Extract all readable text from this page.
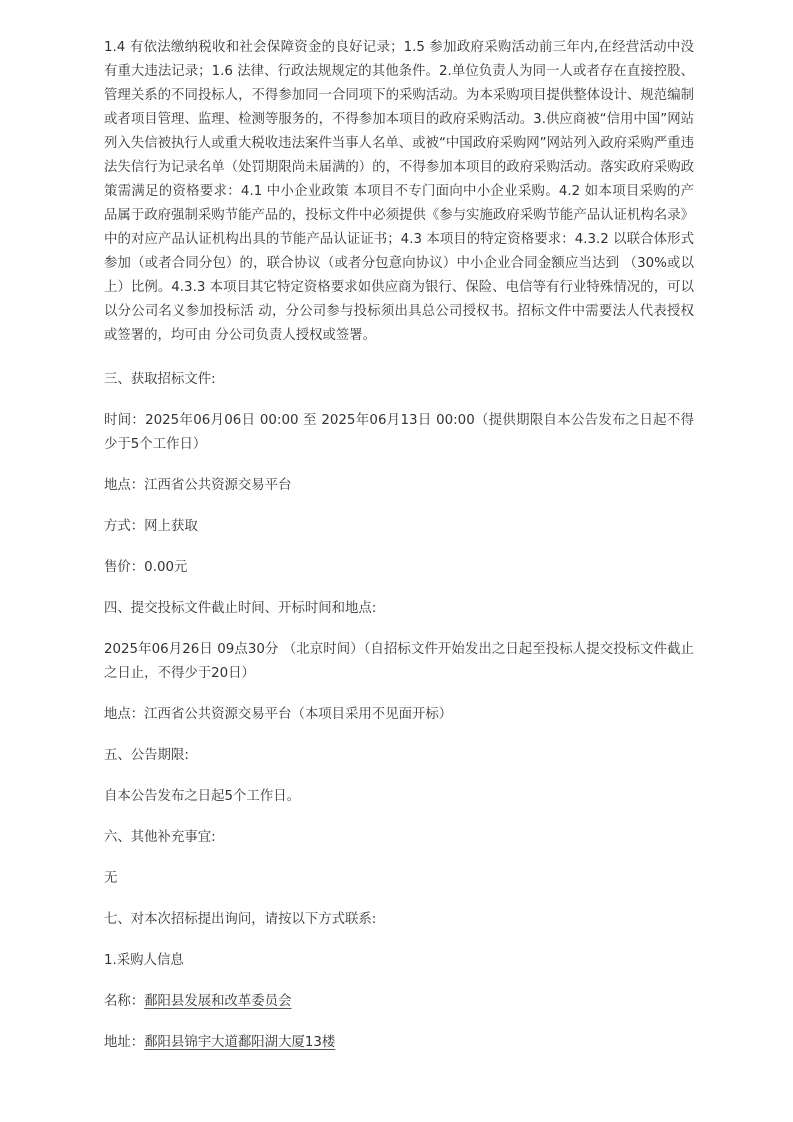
1.4 有依法缴纳税收和社会保障资金的良好记录；1.5 参加政府采购活动前三年内,在经营活动中没有重大违法记录；1.6 法律、行政法规规定的其他条件。2.单位负责人为同一人或者存在直接控股、管理关系的不同投标人，不得参加同一合同项下的采购活动。为本采购项目提供整体设计、规范编制或者项目管理、监理、检测等服务的，不得参加本项目的政府采购活动。3.供应商被“信用中国”网站列入失信被执行人或重大税收违法案件当事人名单、或被“中国政府采购网”网站列入政府采购严重违法失信行为记录名单（处罚期限尚未届满的）的，不得参加本项目的政府采购活动。落实政府采购政策需满足的资格要求：4.1 中小企业政策 本项目不专门面向中小企业采购。4.2 如本项目采购的产品属于政府强制采购节能产品的，投标文件中必须提供《参与实施政府采购节能产品认证机构名录》中的对应产品认证机构出具的节能产品认证证书；4.3 本项目的特定资格要求：4.3.2 以联合体形式参加（或者合同分包）的，联合协议（或者分包意向协议）中小企业合同金额应当达到 （30%或以上）比例。4.3.3 本项目其它特定资格要求如供应商为银行、保险、电信等有行业特殊情况的，可以以分公司名义参加投标活 动，分公司参与投标须出具总公司授权书。招标文件中需要法人代表授权或签署的，均可由 分公司负责人授权或签署。

三、获取招标文件:

时间：2025年06月06日 00:00 至 2025年06月13日 00:00（提供期限自本公告发布之日起不得少于5个工作日）

地点：江西省公共资源交易平台

方式：网上获取

售价：0.00元

四、提交投标文件截止时间、开标时间和地点:

2025年06月26日 09点30分 （北京时间）（自招标文件开始发出之日起至投标人提交投标文件截止之日止，不得少于20日）

地点：江西省公共资源交易平台（本项目采用不见面开标）

五、公告期限:

自本公告发布之日起5个工作日。

六、其他补充事宜:

无

七、对本次招标提出询问，请按以下方式联系:

1.采购人信息

名称：鄱阳县发展和改革委员会

地址：鄱阳县锦宇大道鄱阳湖大厦13楼
